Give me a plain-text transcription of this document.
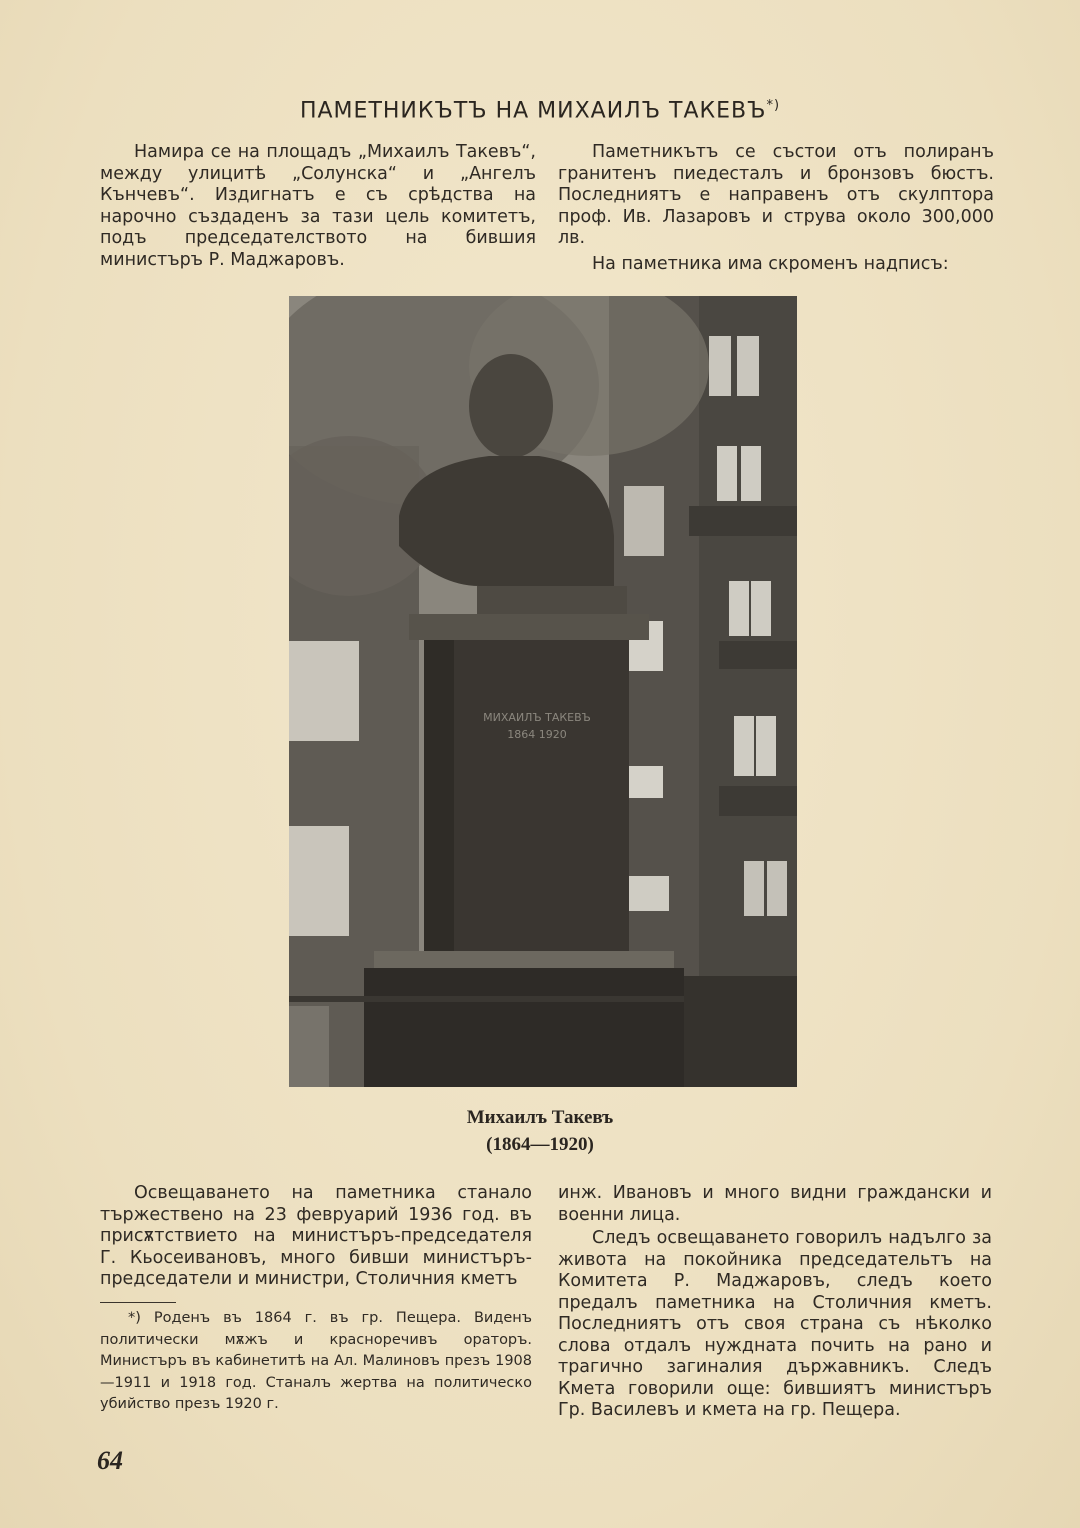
ПАМЕТНИКЪТЪ НА МИХАИЛЪ ТАКЕВЪ*)

Намира се на площадъ „Михаилъ Такевъ“, между улицитѣ „Солунска“ и „Ангелъ Кънчевъ“. Издигнатъ е съ срѣдства на нарочно създаденъ за тази цель комитетъ, подъ председателството на бившия министъръ Р. Маджаровъ.

Паметникътъ се състои отъ полиранъ гранитенъ пиедесталъ и бронзовъ бюстъ. Последниятъ е направенъ отъ скулптора проф. Ив. Лазаровъ и струва около 300,000 лв.

На паметника има скроменъ надписъ:

МИХАИЛЪ ТАКЕВЪ
1864 1920
Михаилъ Такевъ
(1864—1920)

Освещаването на паметника станало тържествено на 23 февруарий 1936 год. въ присѫтствието на министъръ-председателя Г. Кьосеивановъ, много бивши министъръ-председатели и министри, Столичния кметъ

*) Роденъ въ 1864 г. въ гр. Пещера. Виденъ политически мѫжъ и красноречивъ ораторъ. Министъръ въ кабинетитѣ на Ал. Малиновъ презъ 1908—1911 и 1918 год. Станалъ жертва на политическо убийство презъ 1920 г.

инж. Ивановъ и много видни граждански и военни лица.

Следъ освещаването говорилъ надълго за живота на покойника председательтъ на Комитета Р. Маджаровъ, следъ което предалъ паметника на Столичния кметъ. Последниятъ отъ своя страна съ нѣколко слова отдалъ нуждната почить на рано и трагично загиналия държавникъ. Следъ Кмета говорили още: бившиятъ министъръ Гр. Василевъ и кмета на гр. Пещера.

64
